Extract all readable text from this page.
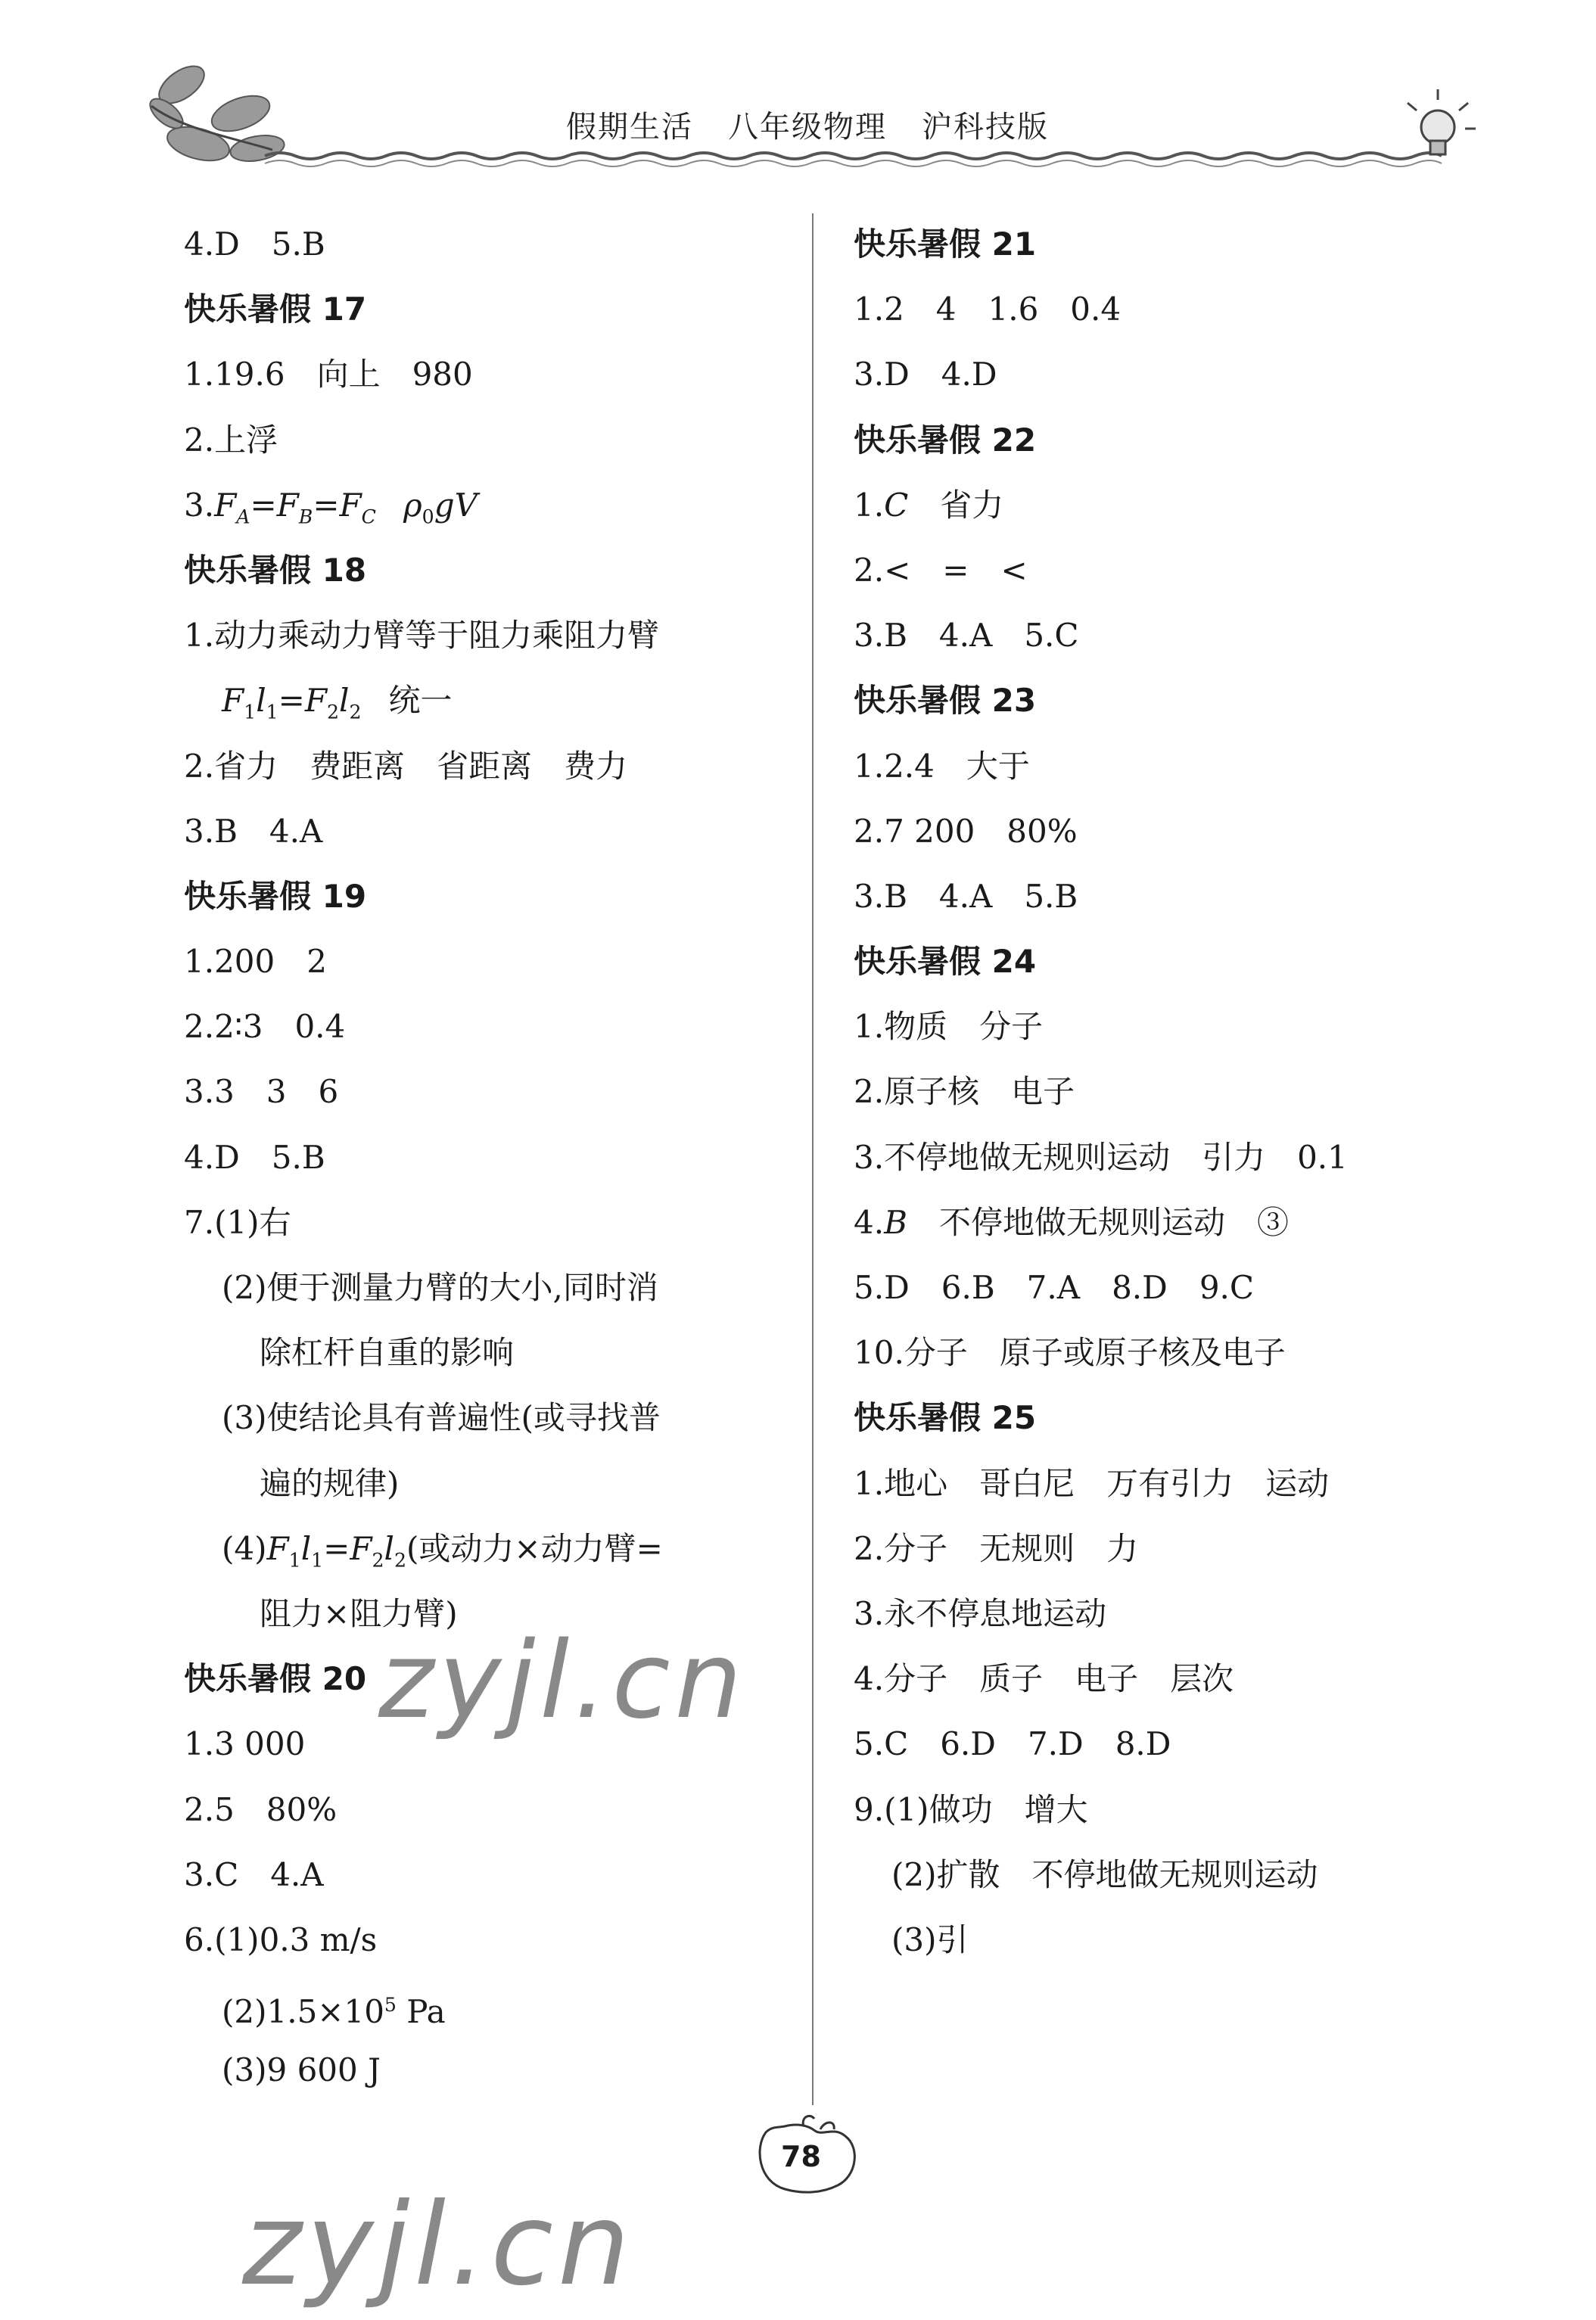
假期生活 八年级物理 沪科技版
4.D　5.B
快乐暑假 17
1.19.6　向上　980
2.上浮
$3.F_A=F_B=F_C$ $\rho_0gV$
快乐暑假 18
1.动力乘动力臂等于阻力乘阻力臂
$F_1l_1=F_2l_2$ 统一
2.省力　费距离　省距离　费力
3.B　4.A
快乐暑假 19
1.200　2
2.2∶3　0.4
3.3　3　6
4.D　5.B
7.(1)右
(2)便于测量力臂的大小,同时消
除杠杆自重的影响
(3)使结论具有普遍性(或寻找普
遍的规律)
$(4)F_1l_1=F_2l_2$(或动力×动力臂=
阻力×阻力臂)
快乐暑假 20
1.3 000
2.5　80%
3.C　4.A
6.(1)0.3 m/s
$(2)1.5\times 10^5$ Pa
(3)9 600 J
快乐暑假 21
1.2　4　1.6　0.4
3.D　4.D
快乐暑假 22
1.C　省力
2.<　=　<
3.B　4.A　5.C
快乐暑假 23
1.2.4　大于
2.7 200　80%
3.B　4.A　5.B
快乐暑假 24
1.物质　分子
2.原子核　电子
3.不停地做无规则运动　引力　0.1
4.B　不停地做无规则运动　③
5.D　6.B　7.A　8.D　9.C
10.分子　原子或原子核及电子
快乐暑假 25
1.地心　哥白尼　万有引力　运动
2.分子　无规则　力
3.永不停息地运动
4.分子　质子　电子　层次
5.C　6.D　7.D　8.D
9.(1)做功　增大
(2)扩散　不停地做无规则运动
(3)引
78
zyjl.cn
zyjl.cn
